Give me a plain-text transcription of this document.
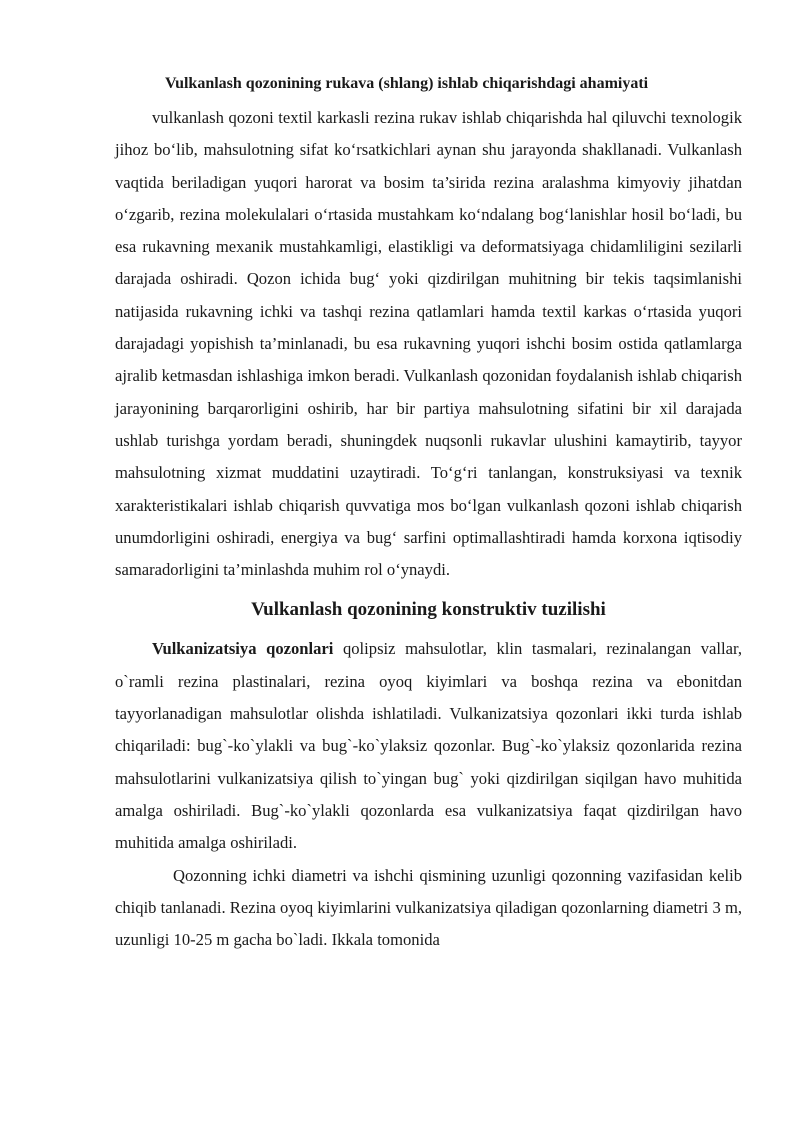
Vulkanlash qozonining rukava (shlang) ishlab chiqarishdagi ahamiyati

vulkanlash qozoni textil karkasli rezina rukav ishlab chiqarishda hal qiluvchi texnologik jihoz bo‘lib, mahsulotning sifat ko‘rsatkichlari aynan shu jarayonda shakllanadi. Vulkanlash vaqtida beriladigan yuqori harorat va bosim ta’sirida rezina aralashma kimyoviy jihatdan o‘zgarib, rezina molekulalari o‘rtasida mustahkam ko‘ndalang bog‘lanishlar hosil bo‘ladi, bu esa rukavning mexanik mustahkamligi, elastikligi va deformatsiyaga chidamliligini sezilarli darajada oshiradi. Qozon ichida bug‘ yoki qizdirilgan muhitning bir tekis taqsimlanishi natijasida rukavning ichki va tashqi rezina qatlamlari hamda textil karkas o‘rtasida yuqori darajadagi yopishish ta’minlanadi, bu esa rukavning yuqori ishchi bosim ostida qatlamlarga ajralib ketmasdan ishlashiga imkon beradi. Vulkanlash qozonidan foydalanish ishlab chiqarish jarayonining barqarorligini oshirib, har bir partiya mahsulotning sifatini bir xil darajada ushlab turishga yordam beradi, shuningdek nuqsonli rukavlar ulushini kamaytirib, tayyor mahsulotning xizmat muddatini uzaytiradi. To‘g‘ri tanlangan, konstruksiyasi va texnik xarakteristikalari ishlab chiqarish quvvatiga mos bo‘lgan vulkanlash qozoni ishlab chiqarish unumdorligini oshiradi, energiya va bug‘ sarfini optimallashtiradi hamda korxona iqtisodiy samaradorligini ta’minlashda muhim rol o‘ynaydi.

Vulkanlash qozonining konstruktiv tuzilishi

Vulkanizatsiya qozonlari qolipsiz mahsulotlar, klin tasmalari, rezinalangan vallar, o`ramli rezina plastinalari, rezina oyoq kiyimlari va boshqa rezina va ebonitdan tayyorlanadigan mahsulotlar olishda ishlatiladi. Vulkanizatsiya qozonlari ikki turda ishlab chiqariladi: bug`-ko`ylakli va bug`-ko`ylaksiz qozonlar. Bug`-ko`ylaksiz qozonlarida rezina mahsulotlarini vulkanizatsiya qilish to`yingan bug` yoki qizdirilgan siqilgan havo muhitida amalga oshiriladi. Bug`-ko`ylakli qozonlarda esa vulkanizatsiya faqat qizdirilgan havo muhitida amalga oshiriladi.

Qozonning ichki diametri va ishchi qismining uzunligi qozonning vazifasidan kelib chiqib tanlanadi. Rezina oyoq kiyimlarini vulkanizatsiya qiladigan qozonlarning diametri 3 m, uzunligi 10-25 m gacha bo`ladi. Ikkala tomonida
